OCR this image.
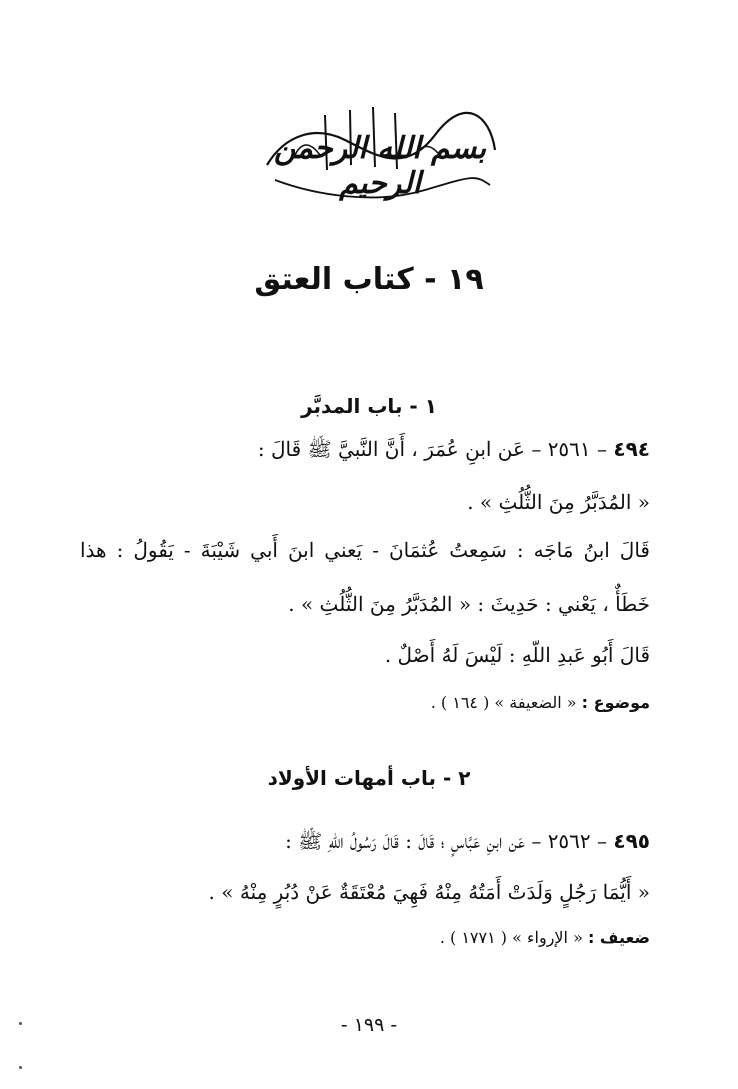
بسم الله الرحمن الرحيم
١٩ - كتاب العتق
١ - باب المدبَّر
٤٩٤ – ٢٥٦١ – عَن ابنِ عُمَرَ ، أَنَّ النَّبيَّ ﷺ قَالَ :
« المُدَبَّرُ مِنَ الثُّلُثِ » .
قَالَ ابنُ مَاجَه : سَمِعتُ عُثمَانَ - يَعني ابنَ أَبي شَيْبَةَ - يَقُولُ : هذا
خَطَأٌ ، يَعْني : حَدِيثَ : « المُدَبَّرُ مِنَ الثُّلُثِ » .
قَالَ أَبُو عَبدِ اللّهِ : لَيْسَ لَهُ أَصْلٌ .
موضوع : « الضعيفة » ( ١٦٤ ) .
٢ - باب أمهات الأولاد
٤٩٥ – ٢٥٦٢ – عَن ابنِ عَبَّاسٍ ؛ قَالَ : قَالَ رَسُولُ اللّهِ ﷺ :
« أَيُّمَا رَجُلٍ وَلَدَتْ أَمَتُهُ مِنْهُ فَهِيَ مُعْتَقَةٌ عَنْ دُبُرٍ مِنْهُ » .
ضعيف : « الإرواء » ( ١٧٧١ ) .
- ١٩٩ -
